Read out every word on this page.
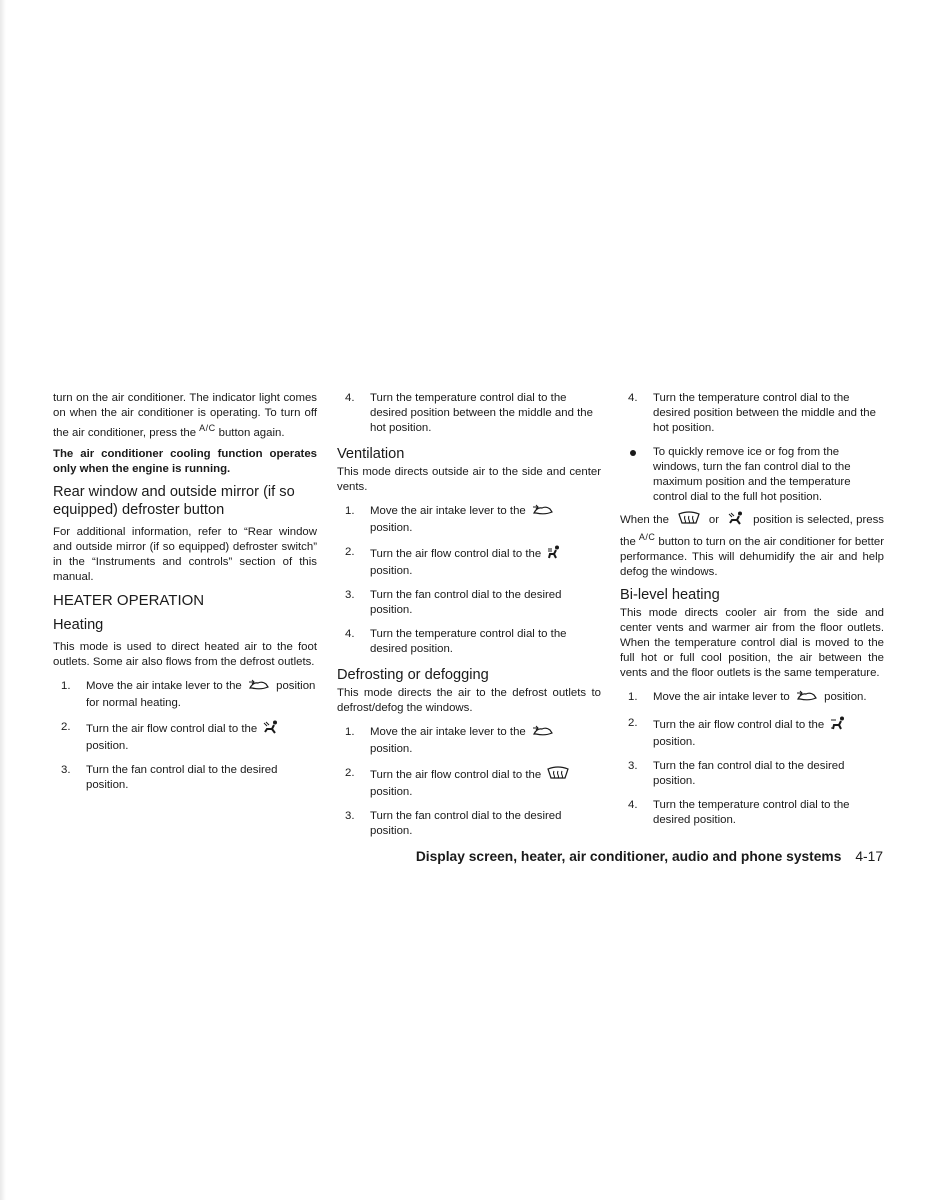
turn on the air conditioner. The indicator light comes on when the air conditioner is operating. To turn off the air conditioner, press the A/C button again.

The air conditioner cooling function operates only when the engine is running.

Rear window and outside mirror (if so equipped) defroster button

For additional information, refer to “Rear window and outside mirror (if so equipped) defroster switch” in the “Instruments and controls” section of this manual.

HEATER OPERATION
Heating

This mode is used to direct heated air to the foot outlets. Some air also flows from the defrost outlets.

1. Move the air intake lever to the	position for normal heating.
2. Turn the air flow control dial to the  position.
3. Turn the fan control dial to the desired position.
4. Turn the temperature control dial to the desired position between the middle and the hot position.
Ventilation

This mode directs outside air to the side and center vents.

1. Move the air intake lever to the  position.
2. Turn the air flow control dial to the  position.
3. Turn the fan control dial to the desired position.
4. Turn the temperature control dial to the desired position.
Defrosting or defogging

This mode directs the air to the defrost outlets to defrost/defog the windows.

1. Move the air intake lever to the  position.
2. Turn the air flow control dial to the  position.
3. Turn the fan control dial to the desired position.
4. Turn the temperature control dial to the desired position between the middle and the hot position.
To quickly remove ice or fog from the windows, turn the fan control dial to the maximum position and the temperature control dial to the full hot position.

When the	or	position is selected, press the A/C button to turn on the air conditioner for better performance. This will dehumidify the air and help defog the windows.

Bi-level heating

This mode directs cooler air from the side and center vents and warmer air from the floor outlets. When the temperature control dial is moved to the full hot or full cool position, the air between the vents and the floor outlets is the same temperature.

1. Move the air intake lever to	position.
2. Turn the air flow control dial to the  position.
3. Turn the fan control dial to the desired position.
4. Turn the temperature control dial to the desired position.
Display screen, heater, air conditioner, audio and phone systems 4-17
